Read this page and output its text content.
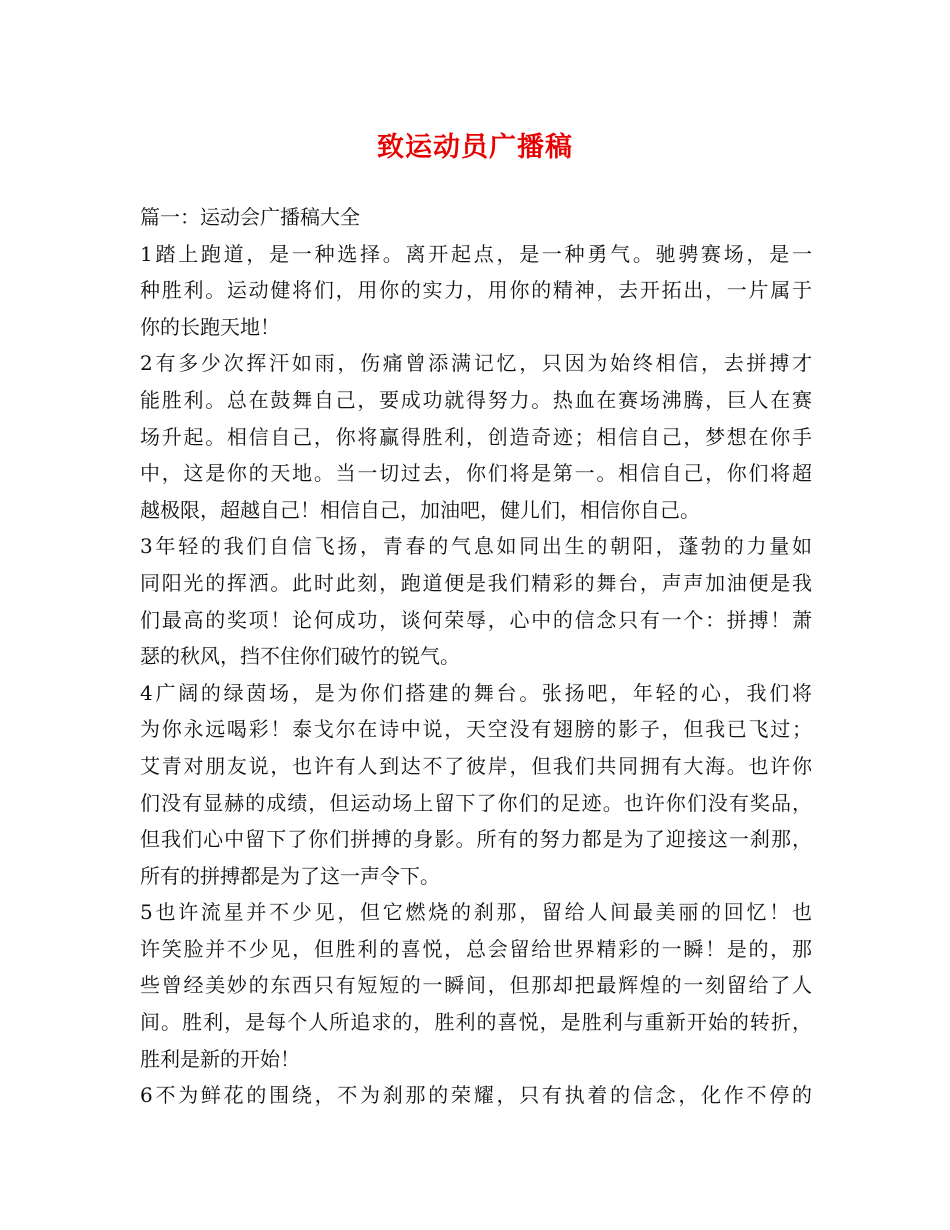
致运动员广播稿
篇一：运动会广播稿大全
1踏上跑道，是一种选择。离开起点，是一种勇气。驰骋赛场，是一
种胜利。运动健将们，用你的实力，用你的精神，去开拓出，一片属于
你的长跑天地！
2有多少次挥汗如雨，伤痛曾添满记忆，只因为始终相信，去拼搏才
能胜利。总在鼓舞自己，要成功就得努力。热血在赛场沸腾，巨人在赛
场升起。相信自己，你将赢得胜利，创造奇迹；相信自己，梦想在你手
中，这是你的天地。当一切过去，你们将是第一。相信自己，你们将超
越极限，超越自己！相信自己，加油吧，健儿们，相信你自己。
3年轻的我们自信飞扬，青春的气息如同出生的朝阳，蓬勃的力量如
同阳光的挥洒。此时此刻，跑道便是我们精彩的舞台，声声加油便是我
们最高的奖项！论何成功，谈何荣辱，心中的信念只有一个：拼搏！萧
瑟的秋风，挡不住你们破竹的锐气。
4广阔的绿茵场，是为你们搭建的舞台。张扬吧，年轻的心，我们将
为你永远喝彩！泰戈尔在诗中说，天空没有翅膀的影子，但我已飞过；
艾青对朋友说，也许有人到达不了彼岸，但我们共同拥有大海。也许你
们没有显赫的成绩，但运动场上留下了你们的足迹。也许你们没有奖品，
但我们心中留下了你们拼搏的身影。所有的努力都是为了迎接这一刹那，
所有的拼搏都是为了这一声令下。
5也许流星并不少见，但它燃烧的刹那，留给人间最美丽的回忆！也
许笑脸并不少见，但胜利的喜悦，总会留给世界精彩的一瞬！是的，那
些曾经美妙的东西只有短短的一瞬间，但那却把最辉煌的一刻留给了人
间。胜利，是每个人所追求的，胜利的喜悦，是胜利与重新开始的转折，
胜利是新的开始！
6不为鲜花的围绕，不为刹那的荣耀，只有执着的信念，化作不停的
